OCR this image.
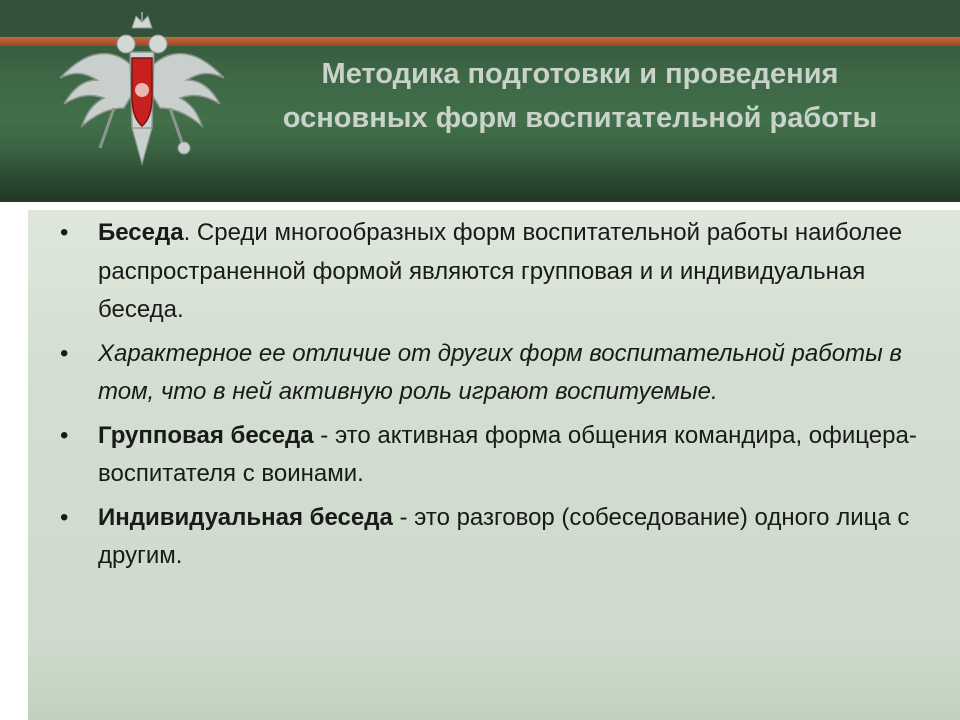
Методика подготовки и проведения
основных форм воспитательной работы
• Беседа. Среди многообразных форм воспитательной работы наиболее распространенной формой являются групповая и и индивидуальная беседа.
• Характерное ее отличие от других форм воспитательной работы в том, что в ней активную роль играют воспитуемые.
• Групповая беседа - это активная форма общения командира, офицера-воспитателя с воинами.
• Индивидуальная беседа - это разговор (собеседование) одного лица с другим.
